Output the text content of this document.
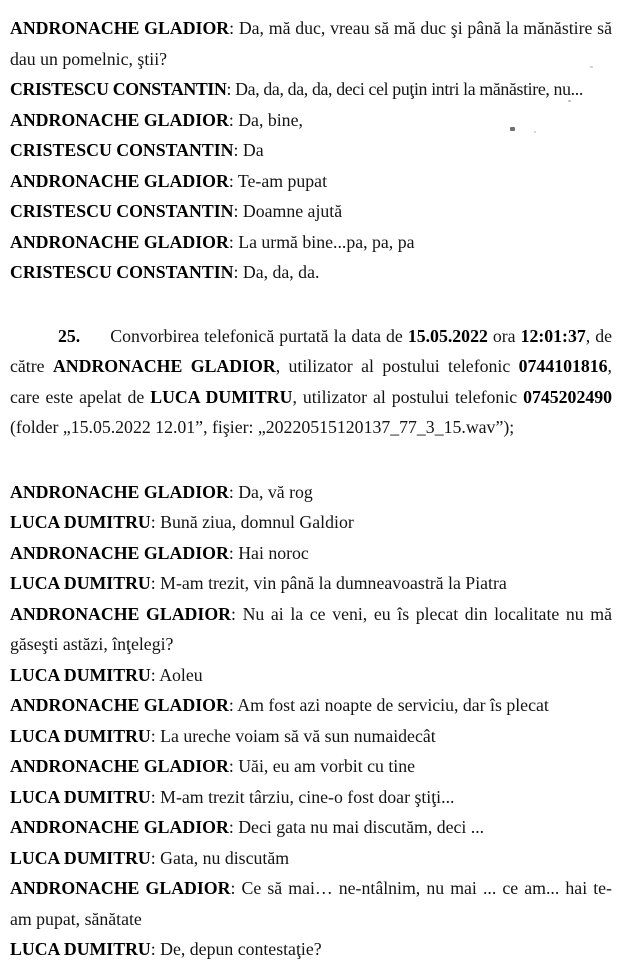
ANDRONACHE GLADIOR: Da, mă duc, vreau să mă duc şi până la mănăstire să dau un pomelnic, ştii?

CRISTESCU CONSTANTIN: Da, da, da, da, deci cel puţin intri la mănăstire, nu...

ANDRONACHE GLADIOR: Da, bine,

CRISTESCU CONSTANTIN: Da

ANDRONACHE GLADIOR: Te-am pupat

CRISTESCU CONSTANTIN: Doamne ajută

ANDRONACHE GLADIOR: La urmă bine...pa, pa, pa

CRISTESCU CONSTANTIN: Da, da, da.

25. Convorbirea telefonică purtată la data de 15.05.2022 ora 12:01:37, de către ANDRONACHE GLADIOR, utilizator al postului telefonic 0744101816, care este apelat de LUCA DUMITRU, utilizator al postului telefonic 0745202490 (folder „15.05.2022 12.01”, fişier: „20220515120137_77_3_15.wav”);

ANDRONACHE GLADIOR: Da, vă rog

LUCA DUMITRU: Bună ziua, domnul Galdior

ANDRONACHE GLADIOR: Hai noroc

LUCA DUMITRU: M-am trezit, vin până la dumneavoastră la Piatra

ANDRONACHE GLADIOR: Nu ai la ce veni, eu îs plecat din localitate nu mă găseşti astăzi, înţelegi?

LUCA DUMITRU: Aoleu

ANDRONACHE GLADIOR: Am fost azi noapte de serviciu, dar îs plecat

LUCA DUMITRU: La ureche voiam să vă sun numaidecât

ANDRONACHE GLADIOR: Uăi, eu am vorbit cu tine

LUCA DUMITRU: M-am trezit târziu, cine-o fost doar ştiţi...

ANDRONACHE GLADIOR: Deci gata nu mai discutăm, deci ...

LUCA DUMITRU: Gata, nu discutăm

ANDRONACHE GLADIOR: Ce să mai… ne-ntâlnim, nu mai ... ce am... hai te-am pupat, sănătate

LUCA DUMITRU: De, depun contestaţie?
